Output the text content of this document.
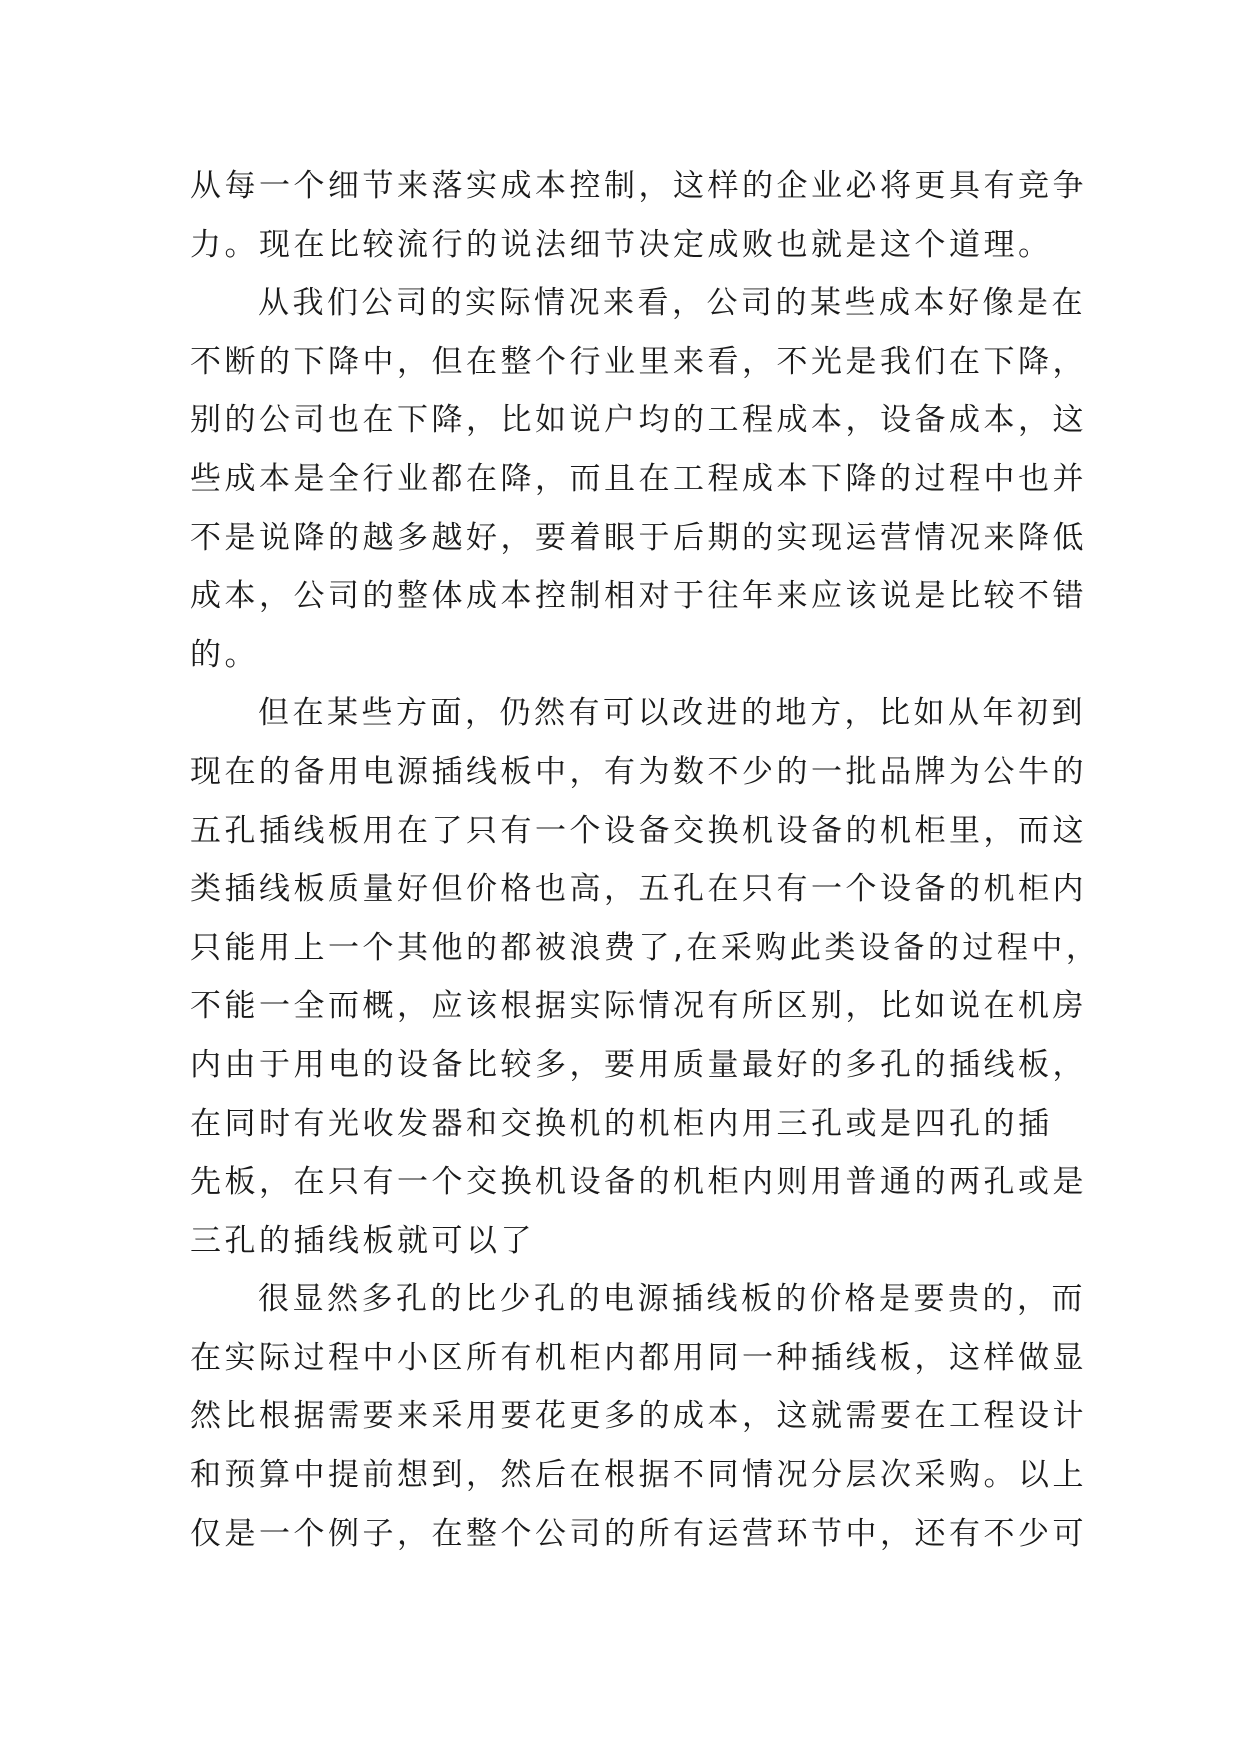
从每一个细节来落实成本控制，这样的企业必将更具有竞争
力。现在比较流行的说法细节决定成败也就是这个道理。
从我们公司的实际情况来看，公司的某些成本好像是在
不断的下降中，但在整个行业里来看，不光是我们在下降，
别的公司也在下降，比如说户均的工程成本，设备成本，这
些成本是全行业都在降，而且在工程成本下降的过程中也并
不是说降的越多越好，要着眼于后期的实现运营情况来降低
成本，公司的整体成本控制相对于往年来应该说是比较不错
的。
但在某些方面，仍然有可以改进的地方，比如从年初到
现在的备用电源插线板中，有为数不少的一批品牌为公牛的
五孔插线板用在了只有一个设备交换机设备的机柜里，而这
类插线板质量好但价格也高，五孔在只有一个设备的机柜内
只能用上一个其他的都被浪费了,在采购此类设备的过程中，
不能一全而概，应该根据实际情况有所区别，比如说在机房
内由于用电的设备比较多，要用质量最好的多孔的插线板，
在同时有光收发器和交换机的机柜内用三孔或是四孔的插
先板，在只有一个交换机设备的机柜内则用普通的两孔或是
三孔的插线板就可以了
很显然多孔的比少孔的电源插线板的价格是要贵的，而
在实际过程中小区所有机柜内都用同一种插线板，这样做显
然比根据需要来采用要花更多的成本，这就需要在工程设计
和预算中提前想到，然后在根据不同情况分层次采购。以上
仅是一个例子，在整个公司的所有运营环节中，还有不少可
